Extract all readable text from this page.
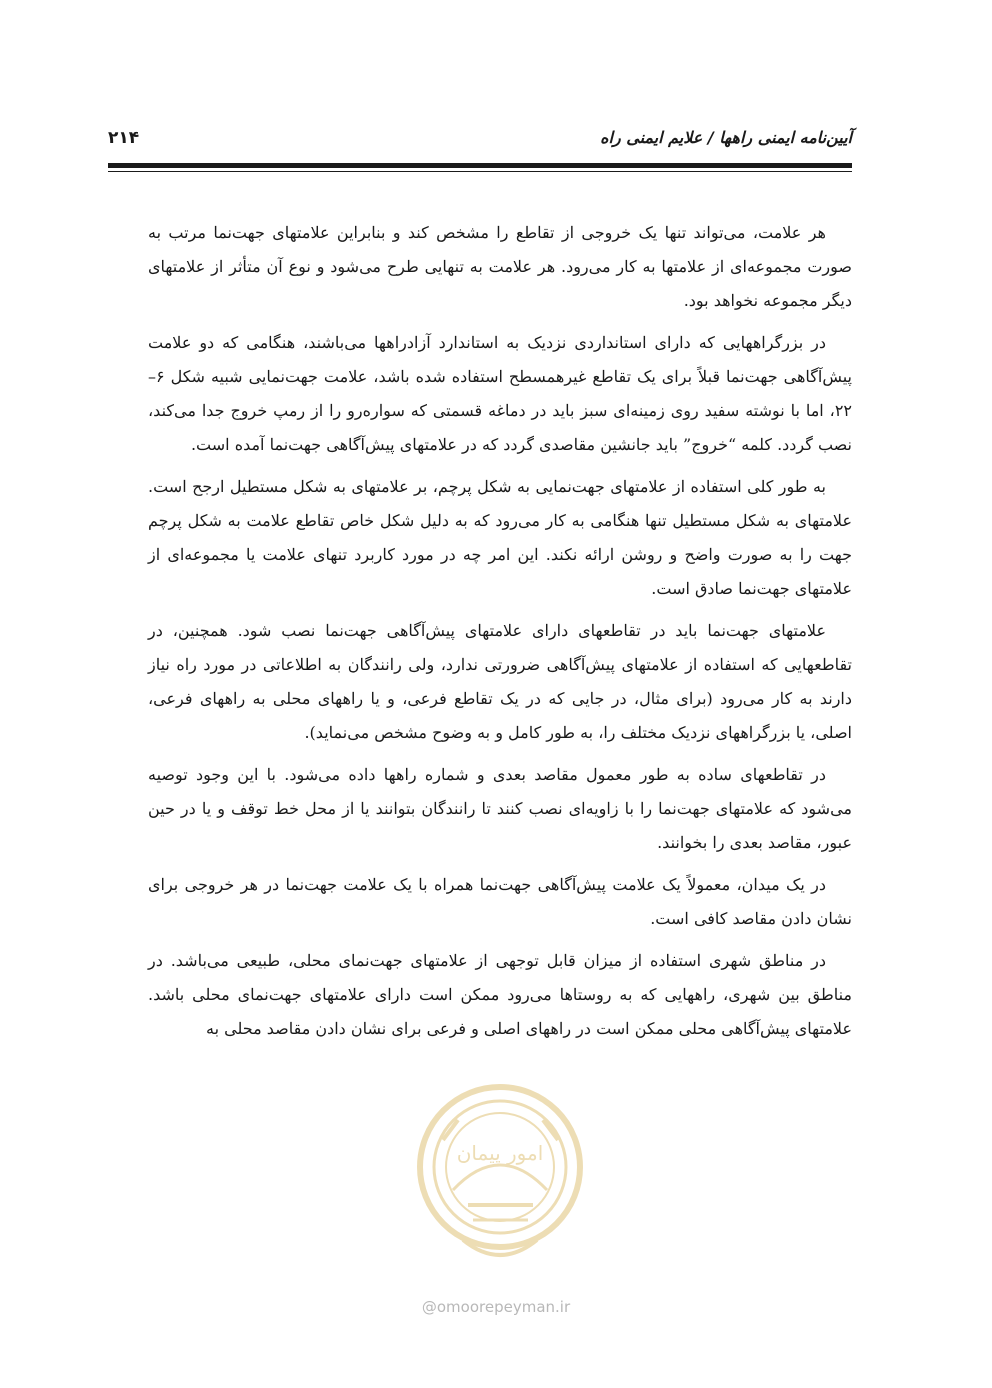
آیین‌نامه ایمنی راهها / علایم ایمنی راه
۲۱۴

هر علامت، می‌تواند تنها یک خروجی از تقاطع را مشخص کند و بنابراین علامتهای جهت‌نما مرتب به صورت مجموعه‌ای از علامتها به کار می‌رود. هر علامت به تنهایی طرح می‌شود و نوع آن متأثر از علامتهای دیگر مجموعه نخواهد بود.

در بزرگراههایی که دارای استانداردی نزدیک به استاندارد آزادراهها می‌باشند، هنگامی که دو علامت پیش‌آگاهی جهت‌نما قبلاً برای یک تقاطع غیرهمسطح استفاده شده باشد، علامت جهت‌نمایی شبیه شکل ۶–۲۲، اما با نوشته سفید روی زمینه‌ای سبز باید در دماغه قسمتی که سواره‌رو را از رمپ خروج جدا می‌کند، نصب گردد. کلمه “خروج” باید جانشین مقاصدی گردد که در علامتهای پیش‌آگاهی جهت‌نما آمده است.

به طور کلی استفاده از علامتهای جهت‌نمایی به شکل پرچم، بر علامتهای به شکل مستطیل ارجح است. علامتهای به شکل مستطیل تنها هنگامی به کار می‌رود که به دلیل شکل خاص تقاطع علامت به شکل پرچم جهت را به صورت واضح و روشن ارائه نکند. این امر چه در مورد کاربرد تنهای علامت یا مجموعه‌ای از علامتهای جهت‌نما صادق است.

علامتهای جهت‌نما باید در تقاطعهای دارای علامتهای پیش‌آگاهی جهت‌نما نصب شود. همچنین، در تقاطعهایی که استفاده از علامتهای پیش‌آگاهی ضرورتی ندارد، ولی رانندگان به اطلاعاتی در مورد راه نیاز دارند به کار می‌رود (برای مثال، در جایی که در یک تقاطع فرعی، و یا راههای محلی به راههای فرعی، اصلی، یا بزرگراههای نزدیک مختلف را، به طور کامل و به وضوح مشخص می‌نماید).

در تقاطعهای ساده به طور معمول مقاصد بعدی و شماره راهها داده می‌شود. با این وجود توصیه می‌شود که علامتهای جهت‌نما را با زاویه‌ای نصب کنند تا رانندگان بتوانند یا از محل خط توقف و یا در حین عبور، مقاصد بعدی را بخوانند.

در یک میدان، معمولاً یک علامت پیش‌آگاهی جهت‌نما همراه با یک علامت جهت‌نما در هر خروجی برای نشان دادن مقاصد کافی است.

در مناطق شهری استفاده از میزان قابل توجهی از علامتهای جهت‌نمای محلی، طبیعی می‌باشد. در مناطق بین شهری، راههایی که به روستاها می‌رود ممکن است دارای علامتهای جهت‌نمای محلی باشد. علامتهای پیش‌آگاهی محلی ممکن است در راههای اصلی و فرعی برای نشان دادن مقاصد محلی به

امور پیمان
@omoorepeyman.ir
